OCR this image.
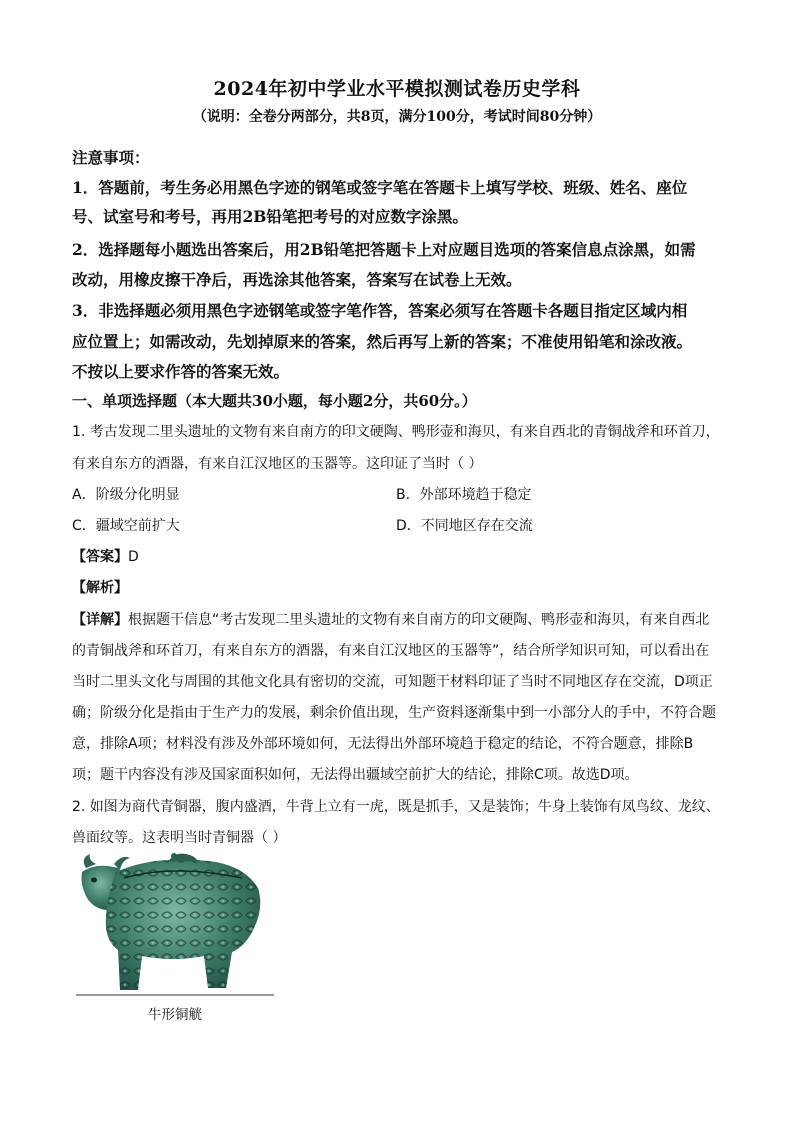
2024年初中学业水平模拟测试卷历史学科
（说明：全卷分两部分，共8页，满分100分，考试时间80分钟）
注意事项：
1．答题前，考生务必用黑色字迹的钢笔或签字笔在答题卡上填写学校、班级、姓名、座位
号、试室号和考号，再用2B铅笔把考号的对应数字涂黑。
2．选择题每小题选出答案后，用2B铅笔把答题卡上对应题目选项的答案信息点涂黑，如需
改动，用橡皮擦干净后，再选涂其他答案，答案写在试卷上无效。
3．非选择题必须用黑色字迹钢笔或签字笔作答，答案必须写在答题卡各题目指定区域内相
应位置上；如需改动，先划掉原来的答案，然后再写上新的答案；不准使用铅笔和涂改液。
不按以上要求作答的答案无效。
一、单项选择题（本大题共30小题，每小题2分，共60分。）
1. 考古发现二里头遗址的文物有来自南方的印文硬陶、鸭形壶和海贝，有来自西北的青铜战斧和环首刀，
有来自东方的酒器，有来自江汉地区的玉器等。这印证了当时（ ）
A．阶级分化明显	B．外部环境趋于稳定
C．疆域空前扩大	D．不同地区存在交流
【答案】D
【解析】
【详解】根据题干信息“考古发现二里头遗址的文物有来自南方的印文硬陶、鸭形壶和海贝，有来自西北
的青铜战斧和环首刀，有来自东方的酒器，有来自江汉地区的玉器等”，结合所学知识可知，可以看出在
当时二里头文化与周围的其他文化具有密切的交流，可知题干材料印证了当时不同地区存在交流，D项正
确；阶级分化是指由于生产力的发展，剩余价值出现，生产资料逐渐集中到一小部分人的手中，不符合题
意，排除A项；材料没有涉及外部环境如何，无法得出外部环境趋于稳定的结论，不符合题意，排除B
项；题干内容没有涉及国家面积如何，无法得出疆域空前扩大的结论，排除C项。故选D项。
2. 如图为商代青铜器，腹内盛酒，牛背上立有一虎，既是抓手，又是装饰；牛身上装饰有凤鸟纹、龙纹、
兽面纹等。这表明当时青铜器（ ）
牛形铜觥
